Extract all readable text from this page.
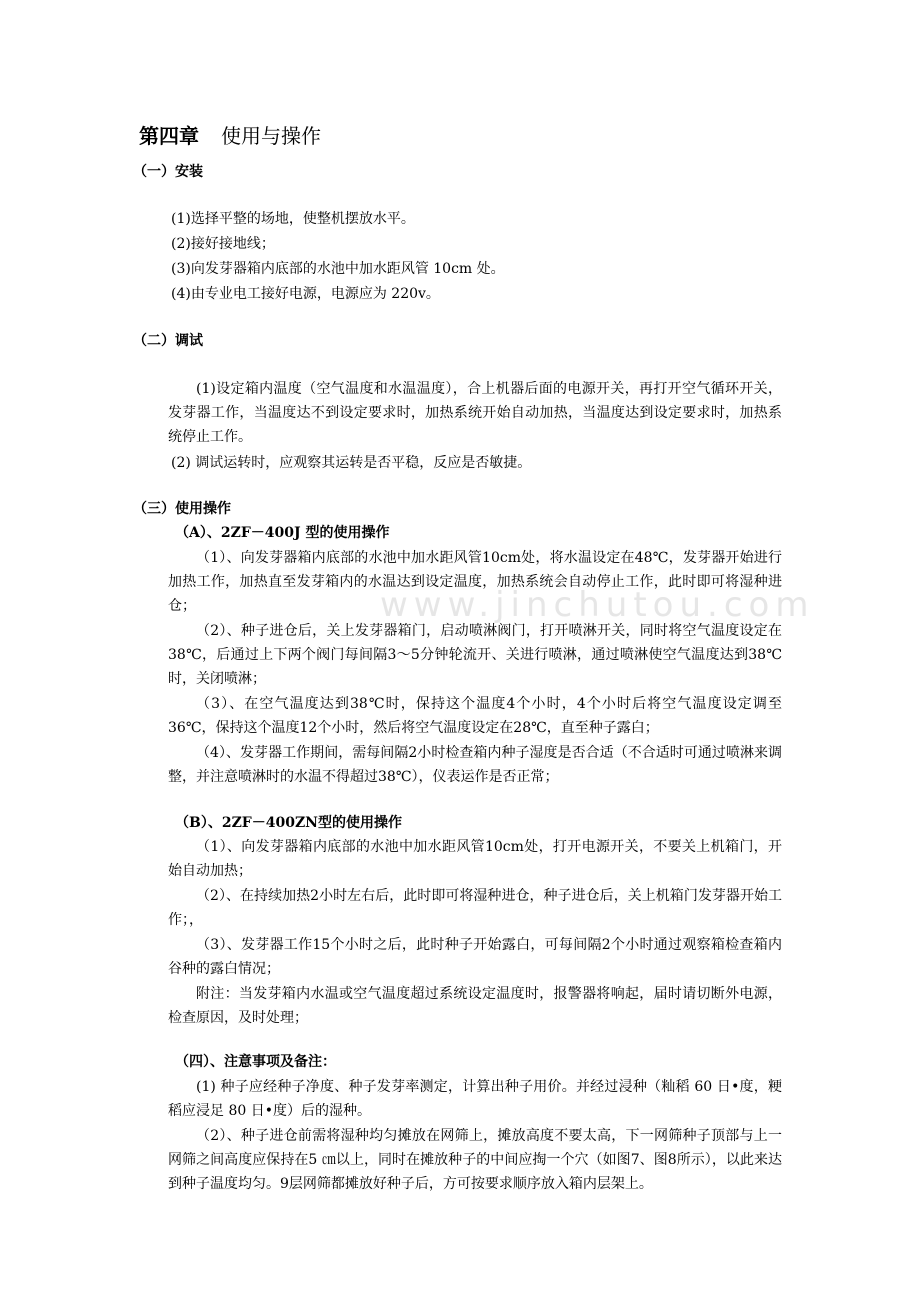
www.jinchutou.com
第四章 使用与操作
（一）安装
(1)选择平整的场地，使整机摆放水平。
(2)接好接地线；
(3)向发芽器箱内底部的水池中加水距风管 10cm 处。
(4)由专业电工接好电源，电源应为 220v。
（二）调试
(1)设定箱内温度（空气温度和水温温度），合上机器后面的电源开关，再打开空气循环开关，发芽器工作，当温度达不到设定要求时，加热系统开始自动加热，当温度达到设定要求时，加热系统停止工作。
(2) 调试运转时，应观察其运转是否平稳，反应是否敏捷。
（三）使用操作
（A）、2ZF－400J 型的使用操作
（1）、向发芽器箱内底部的水池中加水距风管10cm处，将水温设定在48℃，发芽器开始进行加热工作，加热直至发芽箱内的水温达到设定温度，加热系统会自动停止工作，此时即可将湿种进仓；
（2）、种子进仓后，关上发芽器箱门，启动喷淋阀门，打开喷淋开关，同时将空气温度设定在38℃，后通过上下两个阀门每间隔3～5分钟轮流开、关进行喷淋，通过喷淋使空气温度达到38℃时，关闭喷淋；
（3）、在空气温度达到38℃时，保持这个温度4个小时，4个小时后将空气温度设定调至36℃，保持这个温度12个小时，然后将空气温度设定在28℃，直至种子露白；
（4）、发芽器工作期间，需每间隔2小时检查箱内种子湿度是否合适（不合适时可通过喷淋来调整，并注意喷淋时的水温不得超过38℃），仪表运作是否正常；
（B）、2ZF－400ZN型的使用操作
（1）、向发芽器箱内底部的水池中加水距风管10cm处，打开电源开关，不要关上机箱门，开始自动加热；
（2）、在持续加热2小时左右后，此时即可将湿种进仓，种子进仓后，关上机箱门发芽器开始工作；，
（3）、发芽器工作15个小时之后，此时种子开始露白，可每间隔2个小时通过观察箱检查箱内谷种的露白情况；
附注：当发芽箱内水温或空气温度超过系统设定温度时，报警器将响起，届时请切断外电源，检查原因，及时处理；
（四）、注意事项及备注：
(1) 种子应经种子净度、种子发芽率测定，计算出种子用价。并经过浸种（籼稻 60 日•度，粳稻应浸足 80 日•度）后的湿种。
（2）、种子进仓前需将湿种均匀摊放在网筛上，摊放高度不要太高，下一网筛种子顶部与上一网筛之间高度应保持在5 ㎝以上，同时在摊放种子的中间应掏一个穴（如图7、图8所示），以此来达到种子温度均匀。9层网筛都摊放好种子后，方可按要求顺序放入箱内层架上。
